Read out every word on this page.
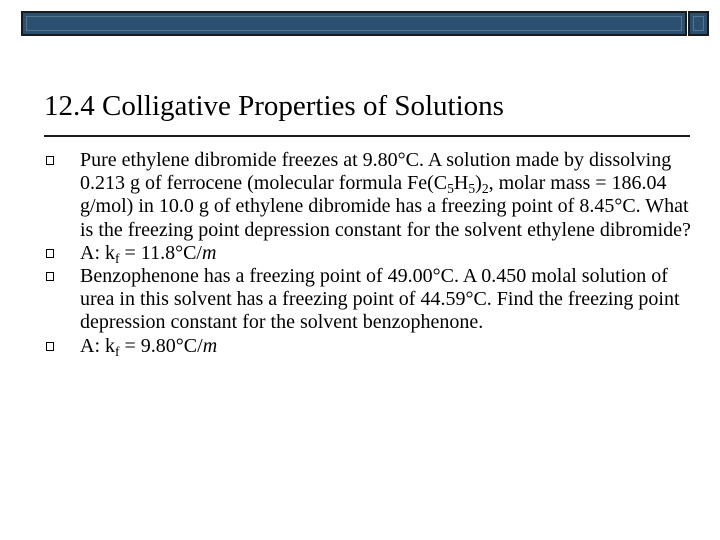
12.4 Colligative Properties of Solutions
Pure ethylene dibromide freezes at 9.80°C. A solution made by dissolving 0.213 g of ferrocene (molecular formula $Fe(C_5H_5)_2$, molar mass = 186.04 g/mol) in 10.0 g of ethylene dibromide has a freezing point of 8.45°C. What is the freezing point depression constant for the solvent ethylene dibromide?
A: $k_f = 11.8^\circ C/m$
Benzophenone has a freezing point of 49.00°C. A 0.450 molal solution of urea in this solvent has a freezing point of 44.59°C. Find the freezing point depression constant for the solvent benzophenone.
A: $k_f = 9.80^\circ C/m$
